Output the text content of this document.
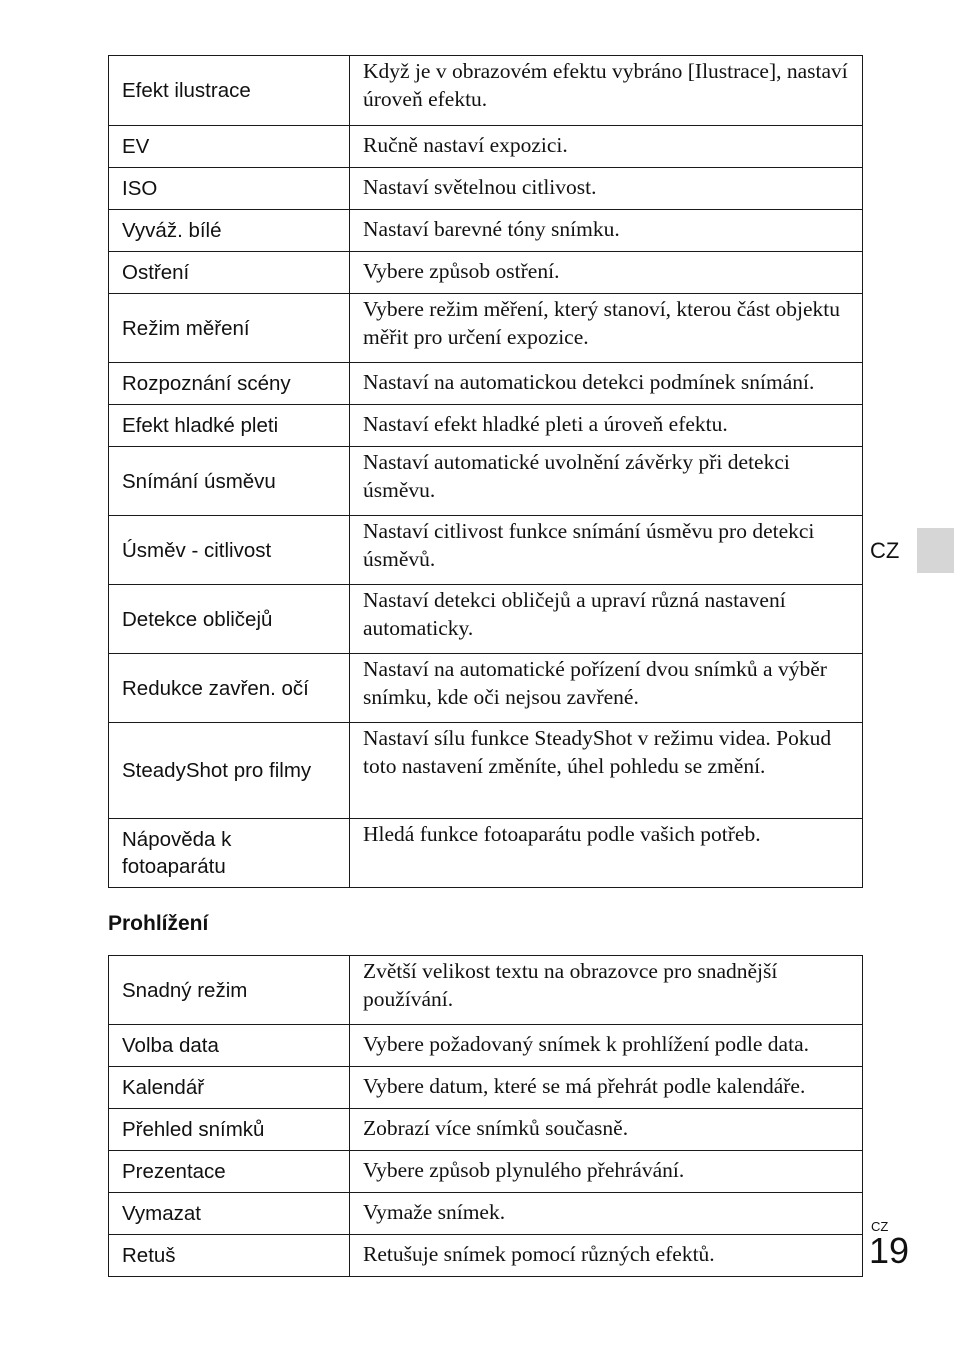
Efekt ilustrace	Když je v obrazovém efektu vybráno [Ilustrace], nastaví úroveň efektu.
EV	Ručně nastaví expozici.
ISO	Nastaví světelnou citlivost.
Vyváž. bílé	Nastaví barevné tóny snímku.
Ostření	Vybere způsob ostření.
Režim měření	Vybere režim měření, který stanoví, kterou část objektu měřit pro určení expozice.
Rozpoznání scény	Nastaví na automatickou detekci podmínek snímání.
Efekt hladké pleti	Nastaví efekt hladké pleti a úroveň efektu.
Snímání úsměvu	Nastaví automatické uvolnění závěrky při detekci úsměvu.
Úsměv - citlivost	Nastaví citlivost funkce snímání úsměvu pro detekci úsměvů.
Detekce obličejů	Nastaví detekci obličejů a upraví různá nastavení automaticky.
Redukce zavřen. očí	Nastaví na automatické pořízení dvou snímků a výběr snímku, kde oči nejsou zavřené.
SteadyShot pro filmy	Nastaví sílu funkce SteadyShot v režimu videa. Pokud toto nastavení změníte, úhel pohledu se změní.
Nápověda k fotoaparátu	Hledá funkce fotoaparátu podle vašich potřeb.
Prohlížení
Snadný režim	Zvětší velikost textu na obrazovce pro snadnější používání.
Volba data	Vybere požadovaný snímek k prohlížení podle data.
Kalendář	Vybere datum, které se má přehrát podle kalendáře.
Přehled snímků	Zobrazí více snímků současně.
Prezentace	Vybere způsob plynulého přehrávání.
Vymazat	Vymaže snímek.
Retuš	Retušuje snímek pomocí různých efektů.
CZ
CZ
19
